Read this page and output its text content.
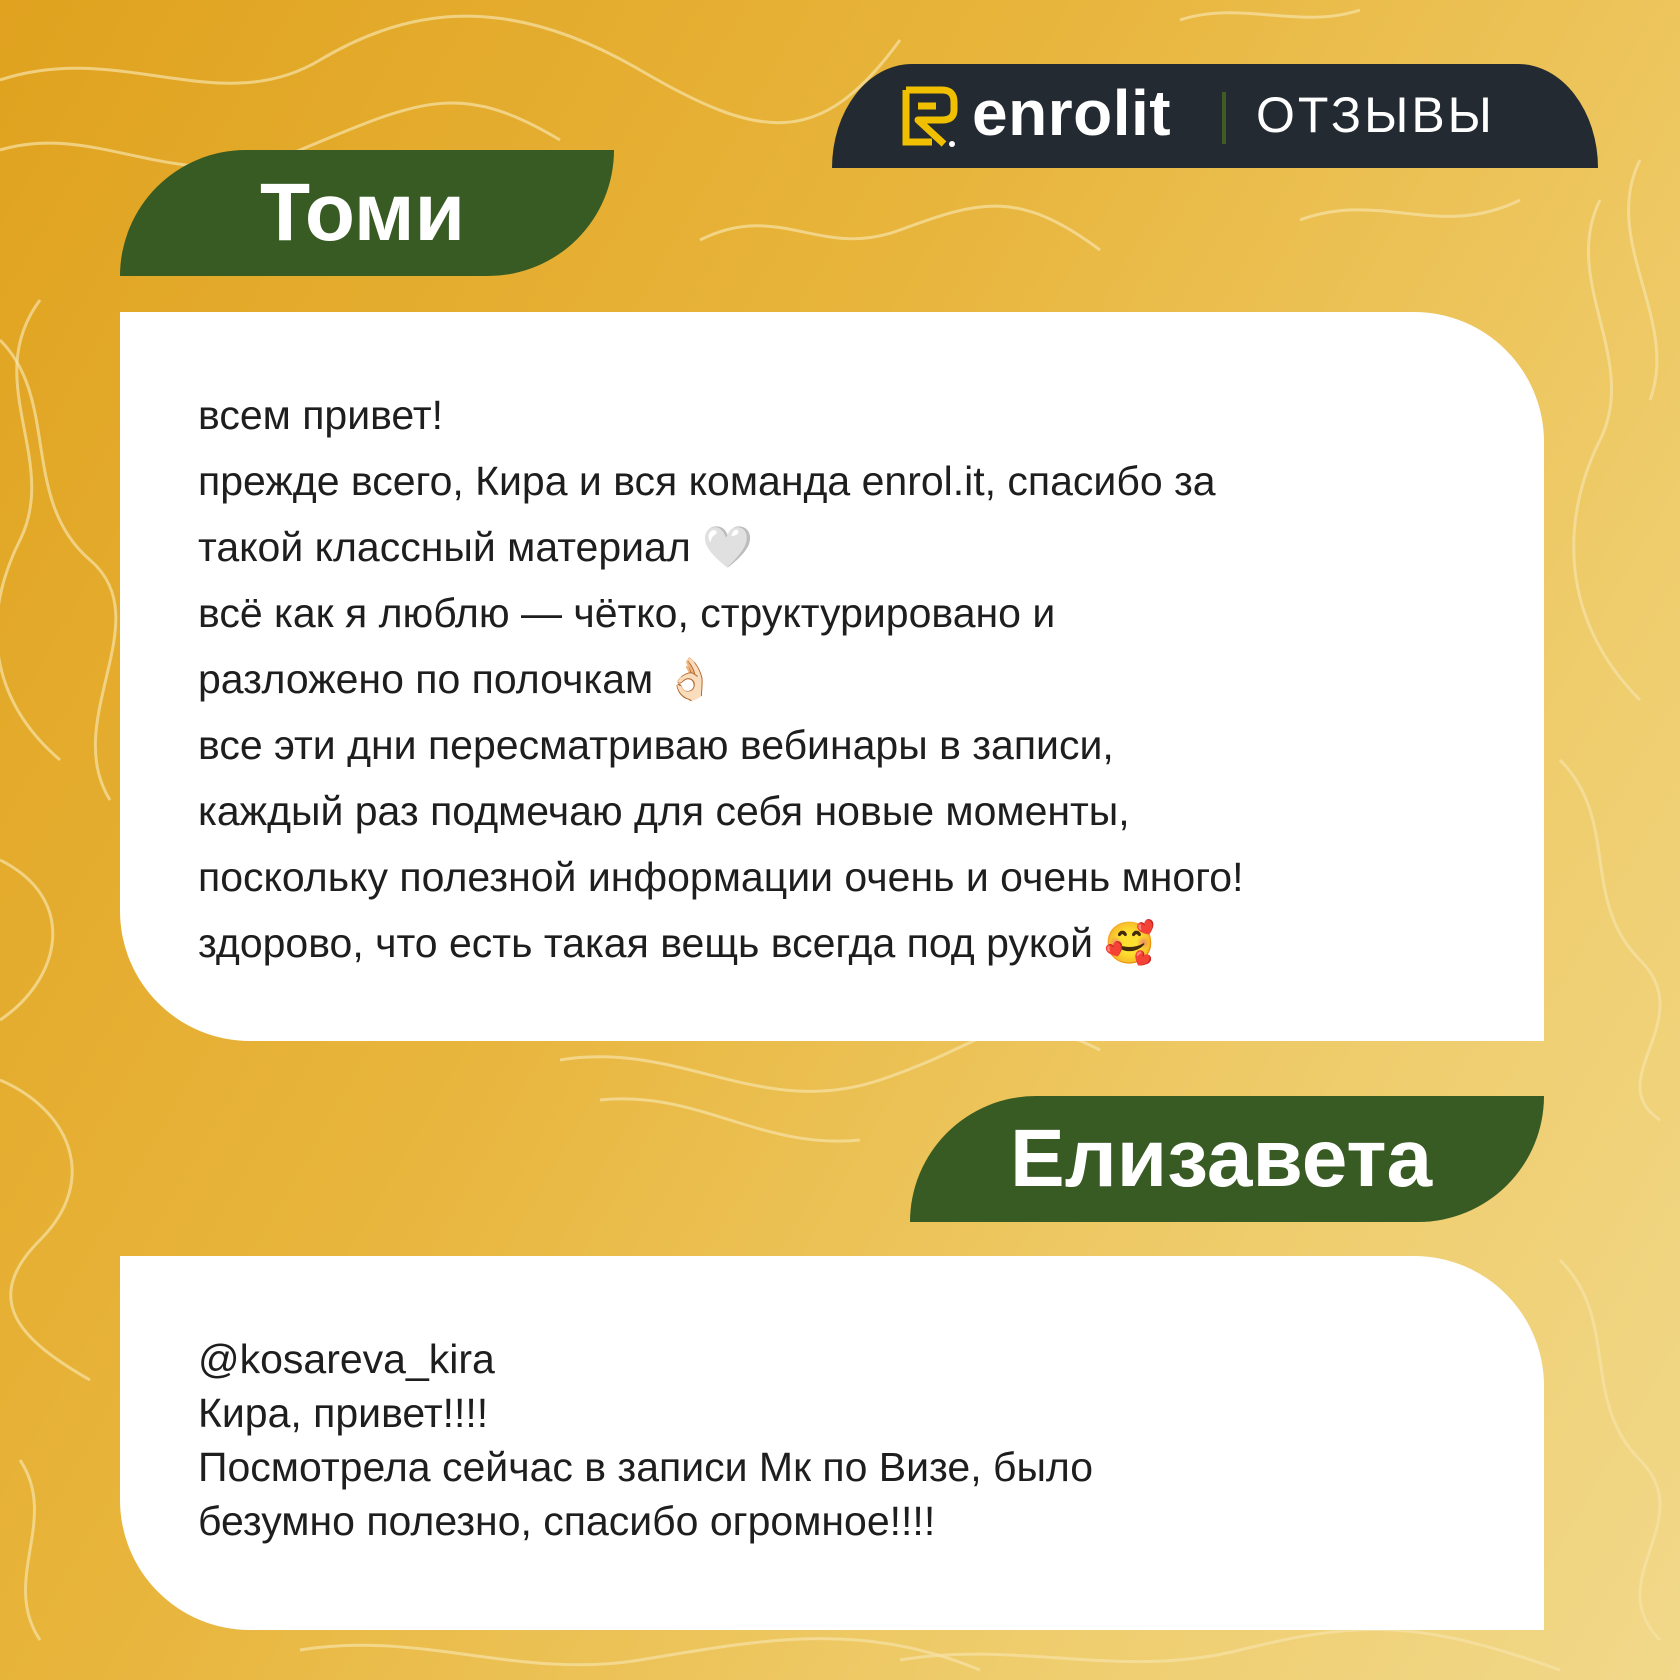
enrolit ОТЗЫВЫ
Томи
всем привет!
прежде всего, Кира и вся команда enrol.it, спасибо за
такой классный материал 🤍
всё как я люблю — чётко, структурировано и
разложено по полочкам 👌🏻
все эти дни пересматриваю вебинары в записи,
каждый раз подмечаю для себя новые моменты,
поскольку полезной информации очень и очень много!
здорово, что есть такая вещь всегда под рукой 🥰
Елизавета
@kosareva_kira
Кира, привет!!!!
Посмотрела сейчас в записи Мк по Визе, было
безумно полезно, спасибо огромное!!!!
